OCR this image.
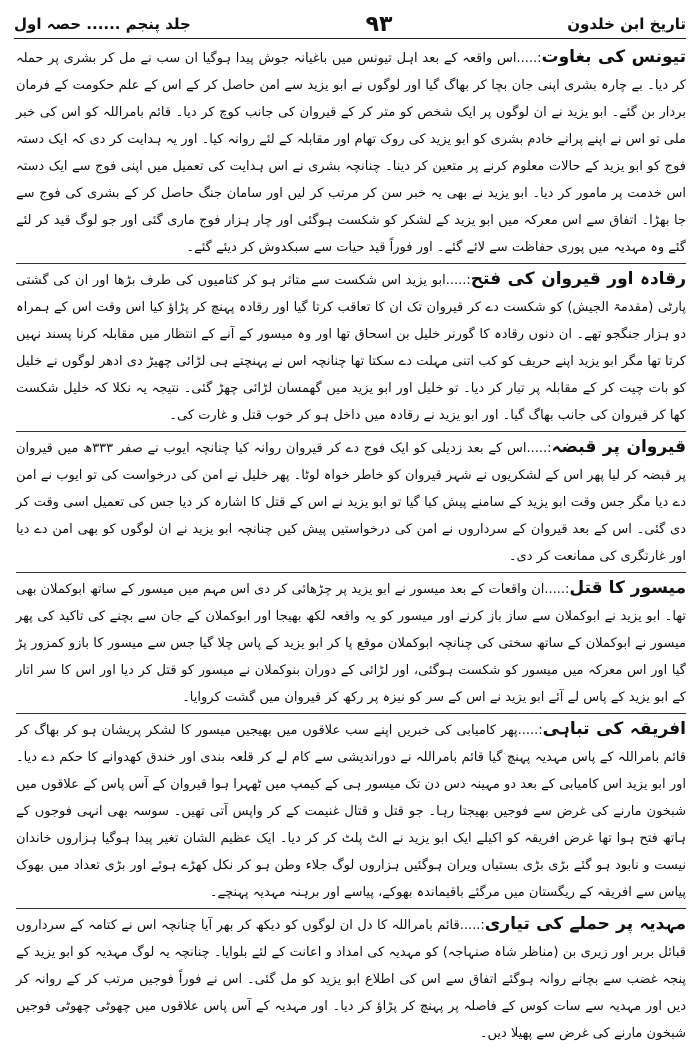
تاریخ ابن خلدون
٩٣
جلد پنجم ...... حصہ اول

تیونس کی بغاوت:.....اس واقعہ کے بعد اہل تیونس میں باغیانہ جوش پیدا ہوگیا ان سب نے مل کر بشری پر حملہ کر دیا۔ بے چارہ بشری اپنی جان بچا کر بھاگ گیا اور لوگوں نے ابو یزید سے امن حاصل کر کے اس کے علم حکومت کے فرمان بردار بن گئے۔ ابو یزید نے ان لوگوں پر ایک شخص کو متر کر کے قیروان کی جانب کوچ کر دیا۔ قائم بامراللہ کو اس کی خبر ملی تو اس نے اپنے پرانے خادم بشری کو ابو یزید کی روک تھام اور مقابلہ کے لئے روانہ کیا۔ اور یہ ہدایت کر دی کہ ایک دستہ فوج کو ابو یزید کے حالات معلوم کرنے پر متعین کر دینا۔ چنانچہ بشری نے اس ہدایت کی تعمیل میں اپنی فوج سے ایک دستہ اس خدمت پر مامور کر دیا۔ ابو یزید نے بھی یہ خبر سن کر مرتب کر لیں اور سامان جنگ حاصل کر کے بشری کی فوج سے جا بھڑا۔ اتفاق سے اس معرکہ میں ابو یزید کے لشکر کو شکست ہوگئی اور چار ہزار فوج ماری گئی اور جو لوگ قید کر لئے گئے وہ مہدیہ میں پوری حفاظت سے لائے گئے۔ اور فوراً قید حیات سے سبکدوش کر دیئے گئے۔

رقادہ اور قیروان کی فتح:.....ابو یزید اس شکست سے متاثر ہو کر کتامیوں کی طرف بڑھا اور ان کی گشتی پارٹی (مقدمۃ الجیش) کو شکست دے کر قیروان تک ان کا تعاقب کرتا گیا اور رقادہ پہنچ کر پڑاؤ کیا اس وقت اس کے ہمراہ دو ہزار جنگجو تھے۔ ان دنوں رقادہ کا گورنر خلیل بن اسحاق تھا اور وہ میسور کے آنے کے انتظار میں مقابلہ کرنا پسند نہیں کرتا تھا مگر ابو یزید اپنے حریف کو کب اتنی مہلت دے سکتا تھا چنانچہ اس نے پہنچتے ہی لڑائی چھیڑ دی ادھر لوگوں نے خلیل کو بات چیت کر کے مقابلہ پر تیار کر دیا۔ تو خلیل اور ابو یزید میں گھمسان لڑائی چھڑ گئی۔ نتیجہ یہ نکلا کہ خلیل شکست کھا کر قیروان کی جانب بھاگ گیا۔ اور ابو یزید نے رقادہ میں داخل ہو کر خوب قتل و غارت کی۔

قیروان پر قبضہ:.....اس کے بعد زدیلی کو ایک فوج دے کر قیروان روانہ کیا چنانچہ ایوب نے صفر ٣٣٣ھ میں قیروان پر قبضہ کر لیا پھر اس کے لشکریوں نے شہر قیروان کو خاطر خواہ لوٹا۔ پھر خلیل نے امن کی درخواست کی تو ایوب نے امن دے دیا مگر جس وقت ابو یزید کے سامنے پیش کیا گیا تو ابو یزید نے اس کے قتل کا اشارہ کر دیا جس کی تعمیل اسی وقت کر دی گئی۔ اس کے بعد قیروان کے سرداروں نے امن کی درخواستیں پیش کیں چنانچہ ابو یزید نے ان لوگوں کو بھی امن دے دیا اور غارتگری کی ممانعت کر دی۔

میسور کا قتل:.....ان واقعات کے بعد میسور نے ابو یزید پر چڑھائی کر دی اس مہم میں میسور کے ساتھ ابوکملان بھی تھا۔ ابو یزید نے ابوکملان سے ساز باز کرنے اور میسور کو یہ واقعہ لکھ بھیجا اور ابوکملان کے جان سے بچنے کی تاکید کی پھر میسور نے ابوکملان کے ساتھ سختی کی چنانچہ ابوکملان موقع پا کر ابو یزید کے پاس چلا گیا جس سے میسور کا بازو کمزور پڑ گیا اور اس معرکہ میں میسور کو شکست ہوگئی، اور لڑائی کے دوران بنوکملان نے میسور کو قتل کر دیا اور اس کا سر اتار کے ابو یزید کے پاس لے آئے ابو یزید نے اس کے سر کو نیزہ پر رکھ کر قیروان میں گشت کروایا۔

افریقہ کی تباہی:.....پھر کامیابی کی خبریں اپنے سب علاقوں میں بھیجیں میسور کا لشکر پریشان ہو کر بھاگ کر قائم بامراللہ کے پاس مہدیہ پہنچ گیا قائم بامراللہ نے دوراندیشی سے کام لے کر قلعہ بندی اور خندق کھدوانے کا حکم دے دیا۔ اور ابو یزید اس کامیابی کے بعد دو مہینہ دس دن تک میسور ہی کے کیمپ میں ٹھہرا ہوا قیروان کے آس پاس کے علاقوں میں شبخون مارنے کی غرض سے فوجیں بھیجتا رہا۔ جو قتل و قتال غنیمت کے کر واپس آتی تھیں۔ سوسہ بھی انہی فوجوں کے ہاتھ فتح ہوا تھا غرض افریقہ کو اکیلے ایک ابو یزید نے الٹ پلٹ کر کر دیا۔ ایک عظیم الشان تغیر پیدا ہوگیا ہزاروں خاندان نیست و نابود ہو گئے بڑی بڑی بستیاں ویران ہوگئیں ہزاروں لوگ جلاء وطن ہو کر نکل کھڑے ہوئے اور بڑی تعداد میں بھوک پیاس سے افریقہ کے ریگستان میں مرگئے باقیماندہ بھوکے، پیاسے اور برہنہ مہدیہ پہنچے۔

مہدیہ پر حملے کی تیاری:.....قائم بامراللہ کا دل ان لوگوں کو دیکھ کر بھر آیا چنانچہ اس نے کتامہ کے سرداروں قبائل بربر اور زیری بن (مناظر شاہ صنہاجہ) کو مہدیہ کی امداد و اعانت کے لئے بلوایا۔ چنانچہ یہ لوگ مہدیہ کو ابو یزید کے پنجہ غضب سے بچانے روانہ ہوگئے اتفاق سے اس کی اطلاع ابو یزید کو مل گئی۔ اس نے فوراً فوجیں مرتب کر کے روانہ کر دیں اور مہدیہ سے سات کوس کے فاصلہ پر پہنچ کر پڑاؤ کر دیا۔ اور مہدیہ کے آس پاس علاقوں میں چھوٹی چھوٹی فوجیں شبخون مارنے کی غرض سے پھیلا دیں۔
